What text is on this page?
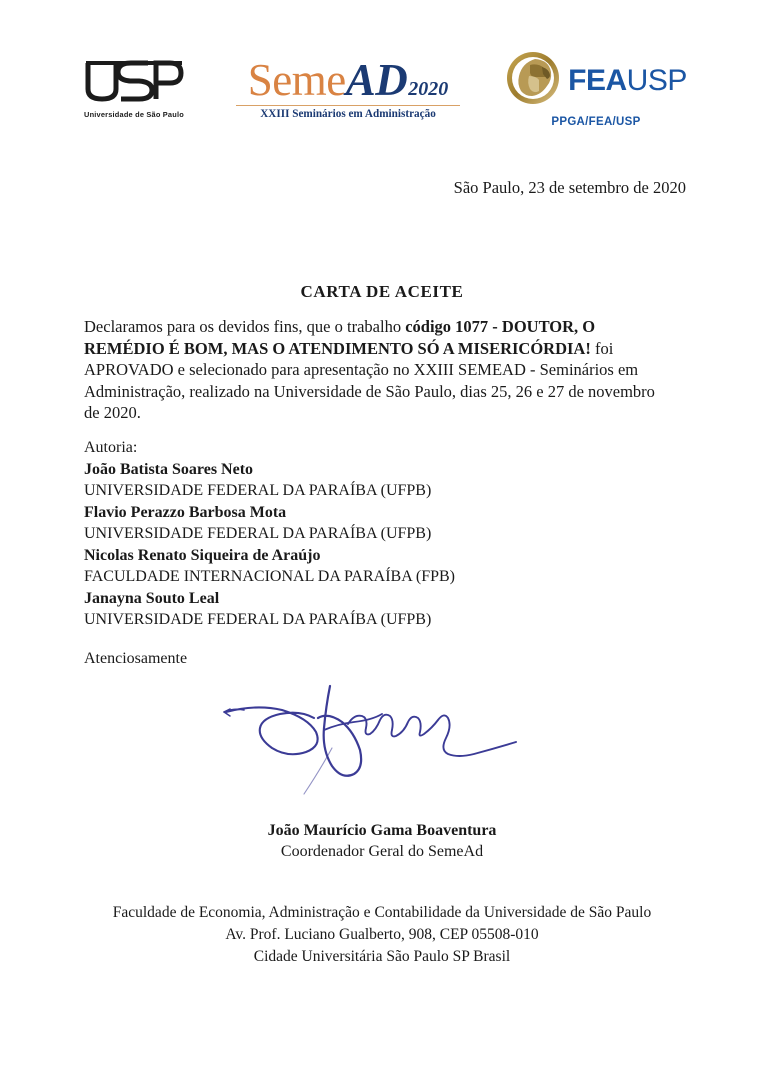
Universidade de São Paulo
Seme AD 2020
XXIII Seminários em Administração
FEAUSP
PPGA/FEA/USP
São Paulo, 23 de setembro de 2020
CARTA DE ACEITE
Declaramos para os devidos fins, que o trabalho código 1077 - DOUTOR, O REMÉDIO É BOM, MAS O ATENDIMENTO SÓ A MISERICÓRDIA! foi APROVADO e selecionado para apresentação no XXIII SEMEAD - Seminários em Administração, realizado na Universidade de São Paulo, dias 25, 26 e 27 de novembro de 2020.
Autoria:
João Batista Soares Neto
UNIVERSIDADE FEDERAL DA PARAÍBA (UFPB)
Flavio Perazzo Barbosa Mota
UNIVERSIDADE FEDERAL DA PARAÍBA (UFPB)
Nicolas Renato Siqueira de Araújo
FACULDADE INTERNACIONAL DA PARAÍBA (FPB)
Janayna Souto Leal
UNIVERSIDADE FEDERAL DA PARAÍBA (UFPB)
Atenciosamente
João Maurício Gama Boaventura
Coordenador Geral do SemeAd
Faculdade de Economia, Administração e Contabilidade da Universidade de São Paulo
Av. Prof. Luciano Gualberto, 908, CEP 05508-010
Cidade Universitária São Paulo SP Brasil
